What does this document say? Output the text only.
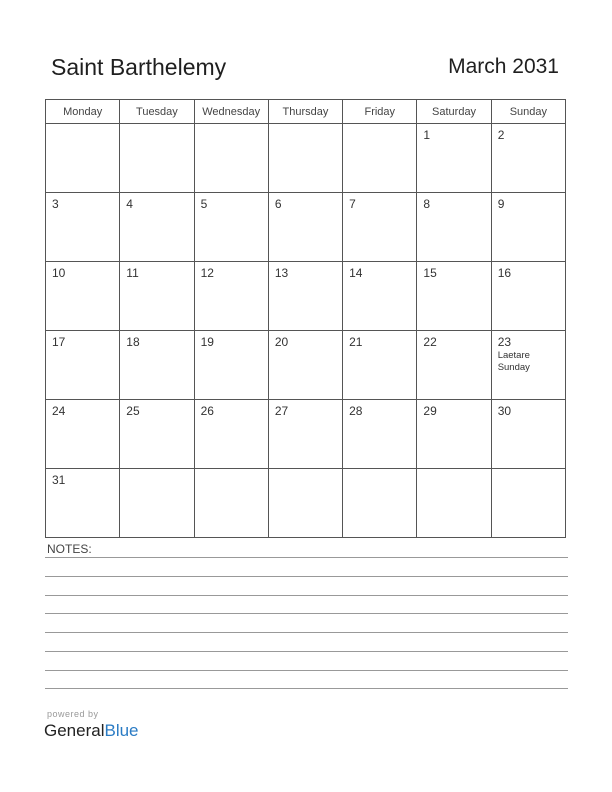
Saint Barthelemy	March 2031
Monday	Tuesday	Wednesday	Thursday	Friday	Saturday	Sunday

					1	2

3	4	5	6	7	8	9

10	11	12	13	14	15	16

17	18	19	20	21	22	23
Laetare Sunday

24	25	26	27	28	29	30

31						

NOTES:
powered by
GeneralBlue
